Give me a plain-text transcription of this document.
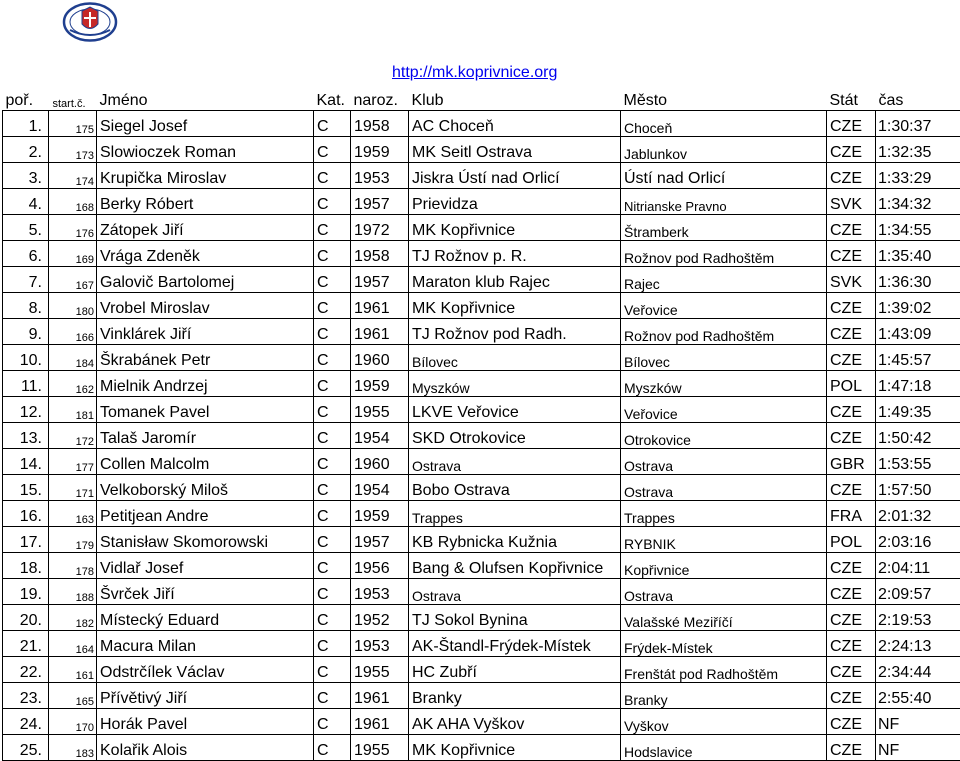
http://mk.koprivnice.org
poř.	start.č.	Jméno	Kat.	naroz.	Klub	Město	Stát	čas
1.	175	Siegel Josef	C	1958	AC Choceň	Choceň	CZE	1:30:37
2.	173	Slowioczek Roman	C	1959	MK Seitl Ostrava	Jablunkov	CZE	1:32:35
3.	174	Krupička Miroslav	C	1953	Jiskra Ústí nad Orlicí	Ústí nad Orlicí	CZE	1:33:29
4.	168	Berky Róbert	C	1957	Prievidza	Nitrianske Pravno	SVK	1:34:32
5.	176	Zátopek Jiří	C	1972	MK Kopřivnice	Štramberk	CZE	1:34:55
6.	169	Vrága Zdeněk	C	1958	TJ Rožnov p. R.	Rožnov pod Radhoštěm	CZE	1:35:40
7.	167	Galovič Bartolomej	C	1957	Maraton klub Rajec	Rajec	SVK	1:36:30
8.	180	Vrobel Miroslav	C	1961	MK Kopřivnice	Veřovice	CZE	1:39:02
9.	166	Vinklárek Jiří	C	1961	TJ Rožnov pod Radh.	Rožnov pod Radhoštěm	CZE	1:43:09
10.	184	Škrabánek Petr	C	1960	Bílovec	Bílovec	CZE	1:45:57
11.	162	Mielnik Andrzej	C	1959	Myszków	Myszków	POL	1:47:18
12.	181	Tomanek Pavel	C	1955	LKVE Veřovice	Veřovice	CZE	1:49:35
13.	172	Talaš Jaromír	C	1954	SKD Otrokovice	Otrokovice	CZE	1:50:42
14.	177	Collen Malcolm	C	1960	Ostrava	Ostrava	GBR	1:53:55
15.	171	Velkoborský Miloš	C	1954	Bobo Ostrava	Ostrava	CZE	1:57:50
16.	163	Petitjean Andre	C	1959	Trappes	Trappes	FRA	2:01:32
17.	179	Stanisław Skomorowski	C	1957	KB Rybnicka Kužnia	RYBNIK	POL	2:03:16
18.	178	Vidlař Josef	C	1956	Bang & Olufsen Kopřivnice	Kopřivnice	CZE	2:04:11
19.	188	Švrček Jiří	C	1953	Ostrava	Ostrava	CZE	2:09:57
20.	182	Místecký Eduard	C	1952	TJ Sokol Bynina	Valašské Meziříčí	CZE	2:19:53
21.	164	Macura Milan	C	1953	AK-Štandl-Frýdek-Místek	Frýdek-Místek	CZE	2:24:13
22.	161	Odstrčílek Václav	C	1955	HC Zubří	Frenštát pod Radhoštěm	CZE	2:34:44
23.	165	Přívětivý Jiří	C	1961	Branky	Branky	CZE	2:55:40
24.	170	Horák Pavel	C	1961	AK AHA Vyškov	Vyškov	CZE	NF
25.	183	Kolařik Alois	C	1955	MK Kopřivnice	Hodslavice	CZE	NF
